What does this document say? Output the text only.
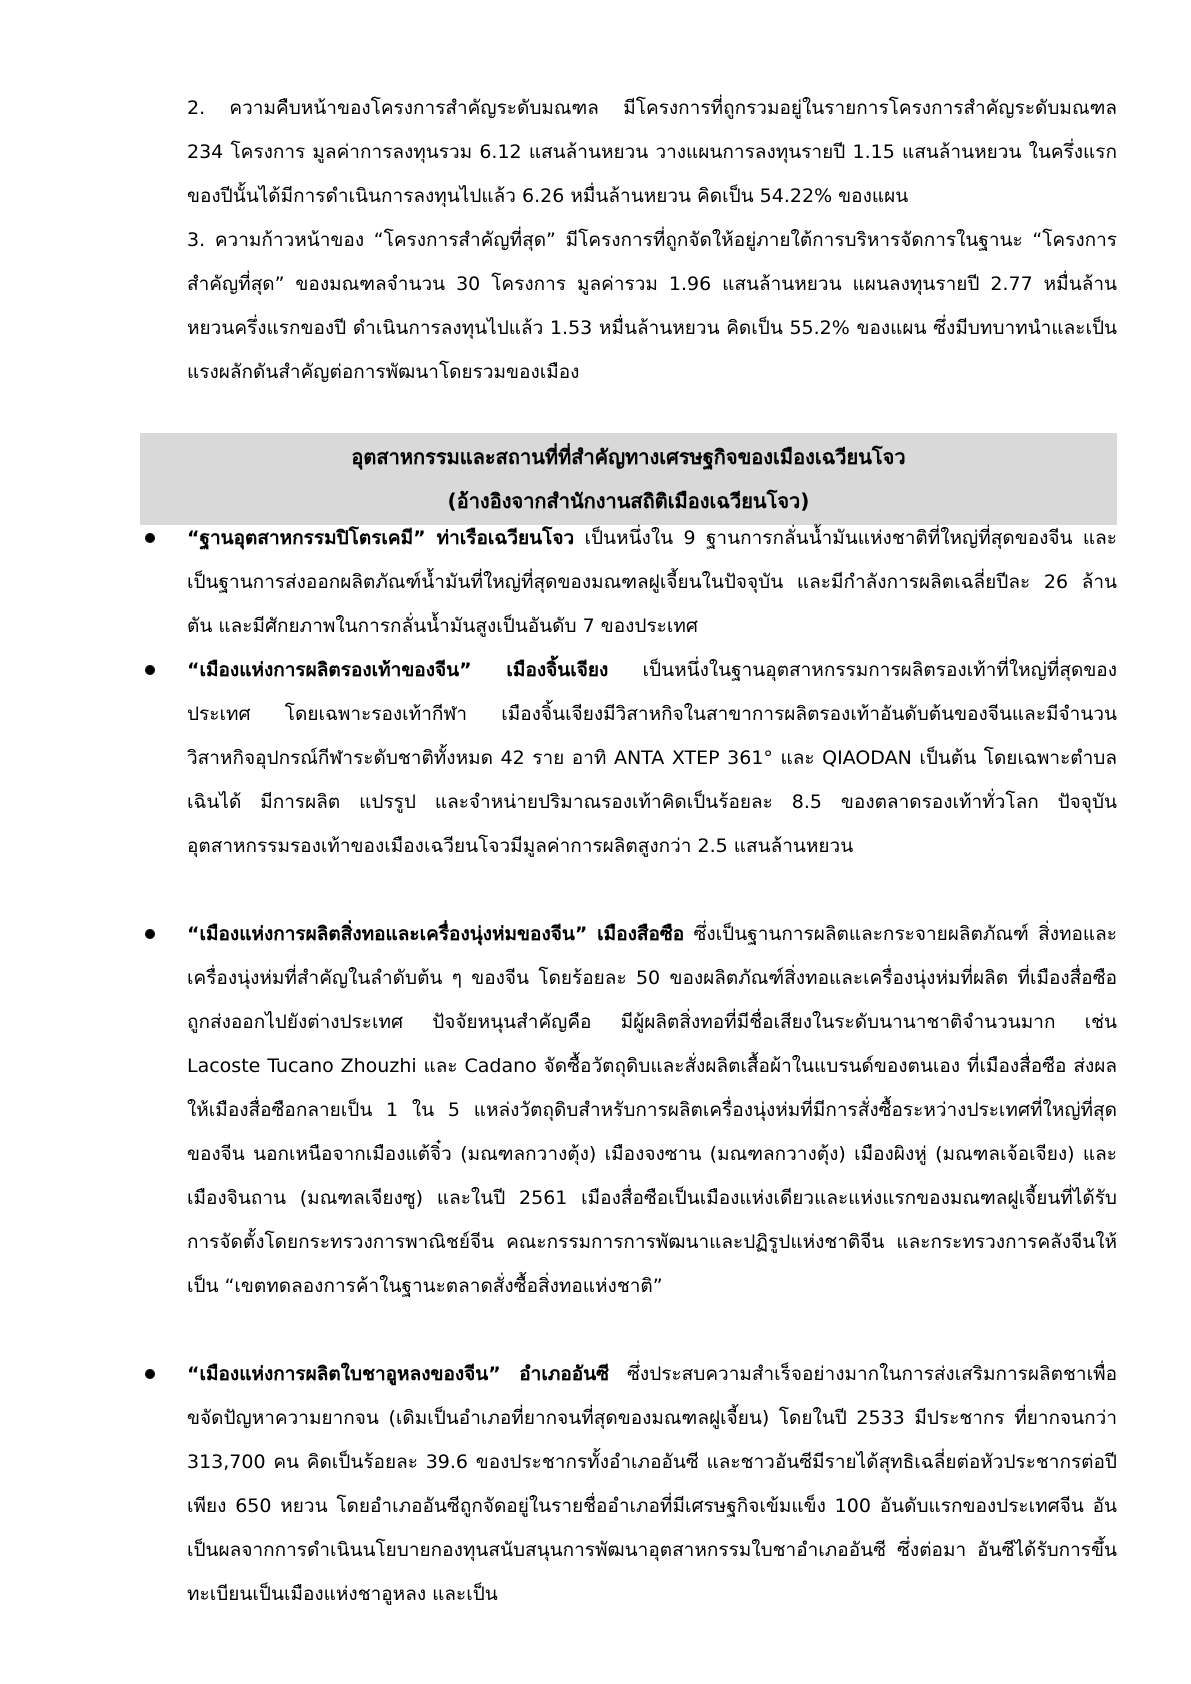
2. ความคืบหน้าของโครงการสำคัญระดับมณฑล มีโครงการที่ถูกรวมอยู่ในรายการโครงการสำคัญระดับมณฑล 234 โครงการ มูลค่าการลงทุนรวม 6.12 แสนล้านหยวน วางแผนการลงทุนรายปี 1.15 แสนล้านหยวน ในครึ่งแรกของปีนั้นได้มีการดำเนินการลงทุนไปแล้ว 6.26 หมื่นล้านหยวน คิดเป็น 54.22% ของแผน

3. ความก้าวหน้าของ “โครงการสำคัญที่สุด” มีโครงการที่ถูกจัดให้อยู่ภายใต้การบริหารจัดการในฐานะ “โครงการสำคัญที่สุด” ของมณฑลจำนวน 30 โครงการ มูลค่ารวม 1.96 แสนล้านหยวน แผนลงทุนรายปี 2.77 หมื่นล้านหยวนครึ่งแรกของปี ดำเนินการลงทุนไปแล้ว 1.53 หมื่นล้านหยวน คิดเป็น 55.2% ของแผน ซึ่งมีบทบาทนำและเป็นแรงผลักดันสำคัญต่อการพัฒนาโดยรวมของเมือง

อุตสาหกรรมและสถานที่ที่สำคัญทางเศรษฐกิจของเมืองเฉวียนโจว
(อ้างอิงจากสำนักงานสถิติเมืองเฉวียนโจว)

“ฐานอุตสาหกรรมปิโตรเคมี” ท่าเรือเฉวียนโจว เป็นหนึ่งใน 9 ฐานการกลั่นน้ำมันแห่งชาติที่ใหญ่ที่สุดของจีน และเป็นฐานการส่งออกผลิตภัณฑ์น้ำมันที่ใหญ่ที่สุดของมณฑลฝูเจี้ยนในปัจจุบัน และมีกำลังการผลิตเฉลี่ยปีละ 26 ล้านตัน และมีศักยภาพในการกลั่นน้ำมันสูงเป็นอันดับ 7 ของประเทศ

“เมืองแห่งการผลิตรองเท้าของจีน” เมืองจิ้นเจียง เป็นหนึ่งในฐานอุตสาหกรรมการผลิตรองเท้าที่ใหญ่ที่สุดของประเทศ โดยเฉพาะรองเท้ากีฬา เมืองจิ้นเจียงมีวิสาหกิจในสาขาการผลิตรองเท้าอันดับต้นของจีนและมีจำนวนวิสาหกิจอุปกรณ์กีฬาระดับชาติทั้งหมด 42 ราย อาทิ ANTA XTEP 361° และ QIAODAN เป็นต้น โดยเฉพาะตำบลเฉินได้ มีการผลิต แปรรูป และจำหน่ายปริมาณรองเท้าคิดเป็นร้อยละ 8.5 ของตลาดรองเท้าทั่วโลก ปัจจุบันอุตสาหกรรมรองเท้าของเมืองเฉวียนโจวมีมูลค่าการผลิตสูงกว่า 2.5 แสนล้านหยวน

“เมืองแห่งการผลิตสิ่งทอและเครื่องนุ่งห่มของจีน” เมืองสือซือ ซึ่งเป็นฐานการผลิตและกระจายผลิตภัณฑ์ สิ่งทอและเครื่องนุ่งห่มที่สำคัญในลำดับต้น ๆ ของจีน โดยร้อยละ 50 ของผลิตภัณฑ์สิ่งทอและเครื่องนุ่งห่มที่ผลิต ที่เมืองสื่อซือถูกส่งออกไปยังต่างประเทศ ปัจจัยหนุนสำคัญคือ มีผู้ผลิตสิ่งทอที่มีชื่อเสียงในระดับนานาชาติจำนวนมาก เช่น Lacoste Tucano Zhouzhi และ Cadano จัดซื้อวัตถุดิบและสั่งผลิตเสื้อผ้าในแบรนด์ของตนเอง ที่เมืองสื่อซือ ส่งผลให้เมืองสื่อซือกลายเป็น 1 ใน 5 แหล่งวัตถุดิบสำหรับการผลิตเครื่องนุ่งห่มที่มีการสั่งซื้อระหว่างประเทศที่ใหญ่ที่สุดของจีน นอกเหนือจากเมืองแต้จิ๋ว (มณฑลกวางตุ้ง) เมืองจงซาน (มณฑลกวางตุ้ง) เมืองผิงหู่ (มณฑลเจ้อเจียง) และเมืองจินถาน (มณฑลเจียงซู) และในปี 2561 เมืองสื่อซือเป็นเมืองแห่งเดียวและแห่งแรกของมณฑลฝูเจี้ยนที่ได้รับการจัดตั้งโดยกระทรวงการพาณิชย์จีน คณะกรรมการการพัฒนาและปฏิรูปแห่งชาติจีน และกระทรวงการคลังจีนให้เป็น “เขตทดลองการค้าในฐานะตลาดสั่งซื้อสิ่งทอแห่งชาติ”

“เมืองแห่งการผลิตใบชาอูหลงของจีน” อำเภออันซี ซึ่งประสบความสำเร็จอย่างมากในการส่งเสริมการผลิตชาเพื่อขจัดปัญหาความยากจน (เดิมเป็นอำเภอที่ยากจนที่สุดของมณฑลฝูเจี้ยน) โดยในปี 2533 มีประชากร ที่ยากจนกว่า 313,700 คน คิดเป็นร้อยละ 39.6 ของประชากรทั้งอำเภออันซี และชาวอันซีมีรายได้สุทธิเฉลี่ยต่อหัวประชากรต่อปีเพียง 650 หยวน โดยอำเภออันซีถูกจัดอยู่ในรายชื่ออำเภอที่มีเศรษฐกิจเข้มแข็ง 100 อันดับแรกของประเทศจีน อันเป็นผลจากการดำเนินนโยบายกองทุนสนับสนุนการพัฒนาอุตสาหกรรมใบชาอำเภออันซี ซึ่งต่อมา อันซีได้รับการขึ้นทะเบียนเป็นเมืองแห่งชาอูหลง และเป็น
